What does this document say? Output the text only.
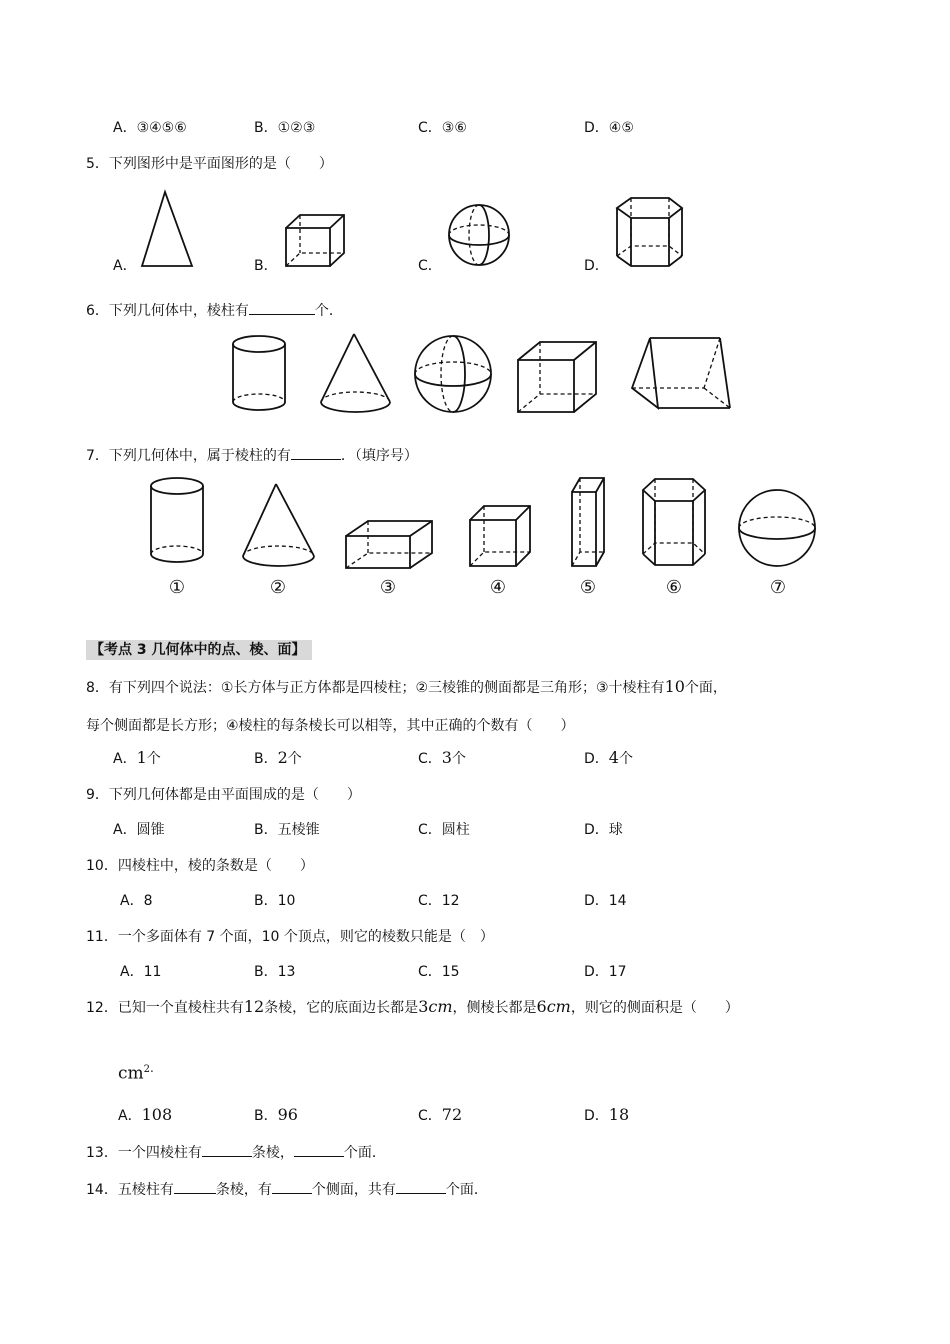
A．③④⑤⑥	B．①②③	C．③⑥	D．④⑤
5．下列图形中是平面图形的是（　　）
A．	B．	C．	D．
6．下列几何体中，棱柱有	个．
7．下列几何体中，属于棱柱的有	．（填序号）
①	②	③	④	⑤	⑥	⑦
【考点 3 几何体中的点、棱、面】
8．有下列四个说法：①长方体与正方体都是四棱柱；②三棱锥的侧面都是三角形；③十棱柱有10个面，
每个侧面都是长方形；④棱柱的每条棱长可以相等，其中正确的个数有（　　）
A．1个	B．2个	C．3个	D．4个
9．下列几何体都是由平面围成的是（　　）
A．圆锥	B．五棱锥	C．圆柱	D．球
10．四棱柱中，棱的条数是（　　）
A．8	B．10	C．12	D．14
11．一个多面体有 7 个面，10 个顶点，则它的棱数只能是（　）
A．11	B．13	C．15	D．17
12．已知一个直棱柱共有12条棱，它的底面边长都是3cm，侧棱长都是6cm，则它的侧面积是（　　）
$cm^{2.}$
A．108	B．96	C．72	D．18
13．一个四棱柱有	条棱，	个面．
14．五棱柱有	条棱，有	个侧面，共有	个面．
